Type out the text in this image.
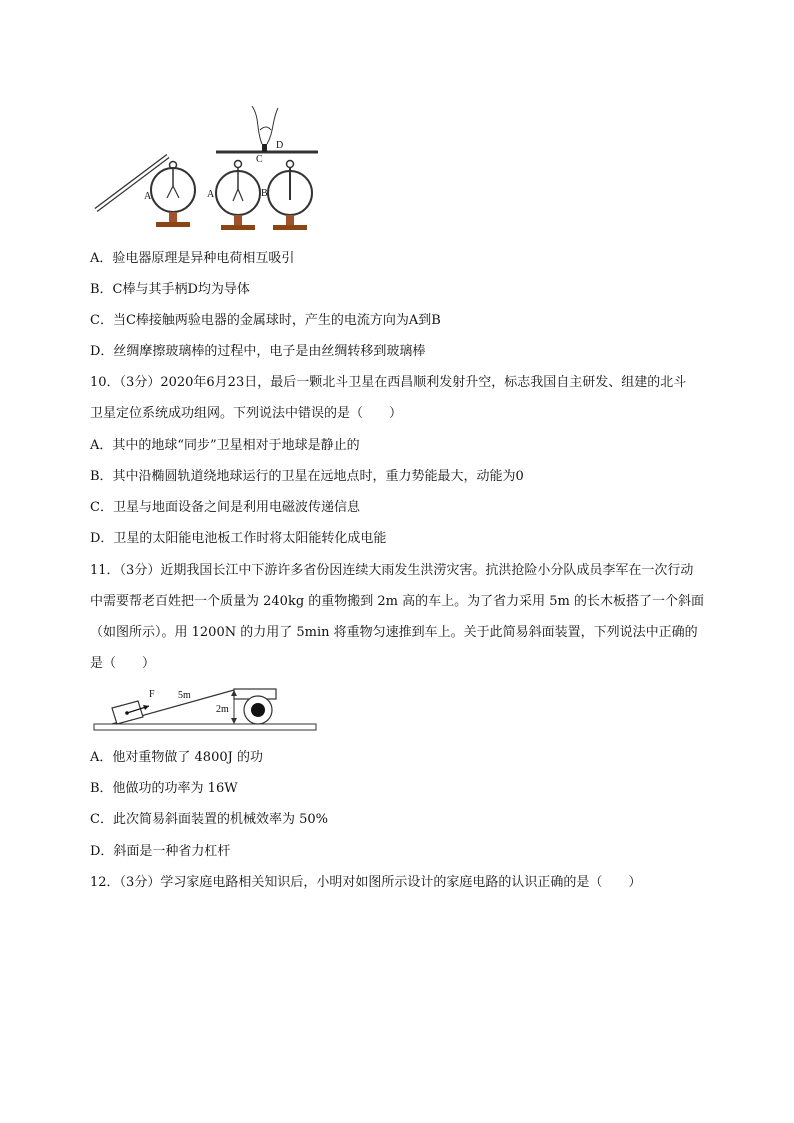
A
C
D
A	B
A．验电器原理是异种电荷相互吸引
B．C棒与其手柄D均为导体
C．当C棒接触两验电器的金属球时，产生的电流方向为A到B
D．丝绸摩擦玻璃棒的过程中，电子是由丝绸转移到玻璃棒
10．（3分）2020年6月23日，最后一颗北斗卫星在西昌顺利发射升空，标志我国自主研发、组建的北斗
卫星定位系统成功组网。下列说法中错误的是（　　）
A．其中的地球“同步”卫星相对于地球是静止的
B．其中沿椭圆轨道绕地球运行的卫星在远地点时，重力势能最大，动能为0
C．卫星与地面设备之间是利用电磁波传递信息
D．卫星的太阳能电池板工作时将太阳能转化成电能
11．（3分）近期我国长江中下游许多省份因连续大雨发生洪涝灾害。抗洪抢险小分队成员李军在一次行动
中需要帮老百姓把一个质量为 240kg 的重物搬到 2m 高的车上。为了省力采用 5m 的长木板搭了一个斜面
（如图所示）。用 1200N 的力用了 5min 将重物匀速推到车上。关于此简易斜面装置，下列说法中正确的
是（　　）
F 5m
2m
A．他对重物做了 4800J 的功
B．他做功的功率为 16W
C．此次简易斜面装置的机械效率为 50%
D．斜面是一种省力杠杆
12．（3分）学习家庭电路相关知识后，小明对如图所示设计的家庭电路的认识正确的是（　　）
